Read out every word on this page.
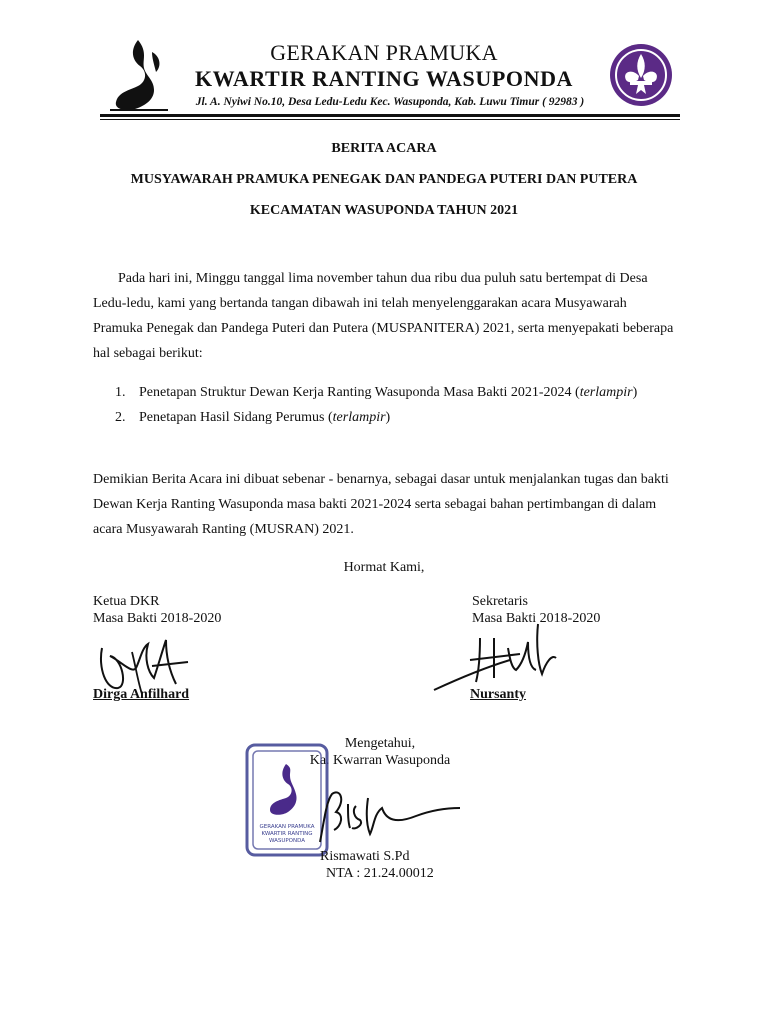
GERAKAN PRAMUKA
KWARTIR RANTING WASUPONDA
Jl. A. Nyiwi No.10, Desa Ledu-Ledu Kec. Wasuponda, Kab. Luwu Timur ( 92983 )
BERITA ACARA
MUSYAWARAH PRAMUKA PENEGAK DAN PANDEGA PUTERI DAN PUTERA
KECAMATAN WASUPONDA TAHUN 2021

Pada hari ini, Minggu tanggal lima november tahun dua ribu dua puluh satu bertempat di Desa Ledu-ledu, kami yang bertanda tangan dibawah ini telah menyelenggarakan acara Musyawarah Pramuka Penegak dan Pandega Puteri dan Putera (MUSPANITERA) 2021, serta menyepakati beberapa hal sebagai berikut:

1. Penetapan Struktur Dewan Kerja Ranting Wasuponda Masa Bakti 2021-2024 (terlampir)
2. Penetapan Hasil Sidang Perumus (terlampir)

Demikian Berita Acara ini dibuat sebenar - benarnya, sebagai dasar untuk menjalankan tugas dan bakti Dewan Kerja Ranting Wasuponda masa bakti 2021-2024 serta sebagai bahan pertimbangan di dalam acara Musyawarah Ranting (MUSRAN) 2021.

Hormat Kami,
Ketua DKR
Masa Bakti 2018-2020
Dirga Anfilhard
Sekretaris
Masa Bakti 2018-2020
Nursanty
Mengetahui,
Ka. Kwarran Wasuponda
GERAKAN PRAMUKA
KWARTIR RANTING
WASUPONDA
Rismawati S.Pd
NTA : 21.24.00012
